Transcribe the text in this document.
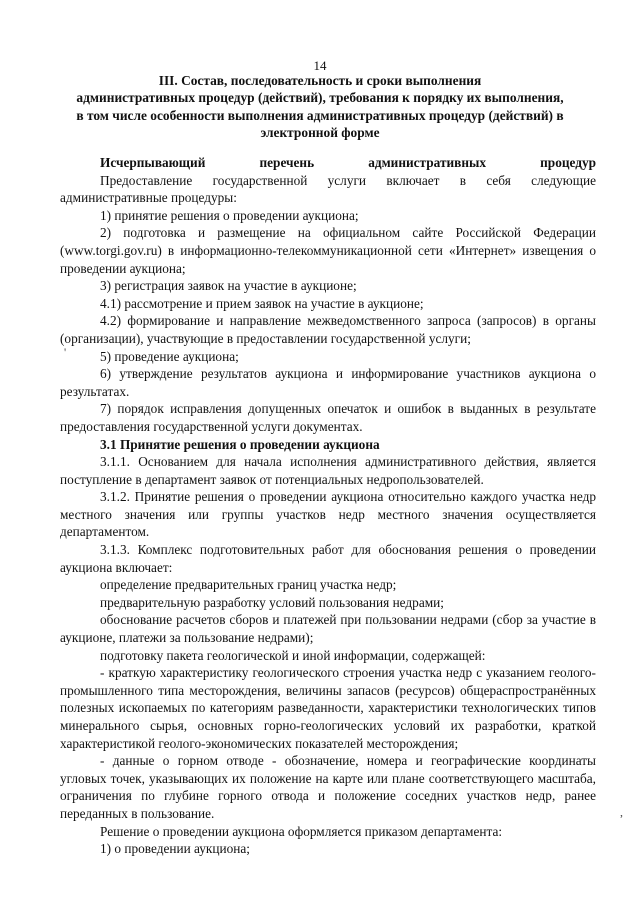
14
III. Состав, последовательность и сроки выполнения
административных процедур (действий), требования к порядку их выполнения,
в том числе особенности выполнения административных процедур (действий) в
электронной форме

Исчерпывающий перечень административных процедур

Предоставление государственной услуги включает в себя следующие административные процедуры:

1) принятие решения о проведении аукциона;

2) подготовка и размещение на официальном сайте Российской Федерации (www.torgi.gov.ru) в информационно-телекоммуникационной сети «Интернет» извещения о проведении аукциона;

3) регистрация заявок на участие в аукционе;

4.1) рассмотрение и прием заявок на участие в аукционе;

4.2) формирование и направление межведомственного запроса (запросов) в органы (организации), участвующие в предоставлении государственной услуги;

5) проведение аукциона;

6) утверждение результатов аукциона и информирование участников аукциона о результатах.

7) порядок исправления допущенных опечаток и ошибок в выданных в результате предоставления государственной услуги документах.

3.1 Принятие решения о проведении аукциона

3.1.1. Основанием для начала исполнения административного действия, является поступление в департамент заявок от потенциальных недропользователей.

3.1.2. Принятие решения о проведении аукциона относительно каждого участка недр местного значения или группы участков недр местного значения осуществляется департаментом.

3.1.3. Комплекс подготовительных работ для обоснования решения о проведении аукциона включает:

определение предварительных границ участка недр;

предварительную разработку условий пользования недрами;

обоснование расчетов сборов и платежей при пользовании недрами (сбор за участие в аукционе, платежи за пользование недрами);

подготовку пакета геологической и иной информации, содержащей:

- краткую характеристику геологического строения участка недр с указанием геолого-промышленного типа месторождения, величины запасов (ресурсов) общераспространённых полезных ископаемых по категориям разведанности, характеристики технологических типов минерального сырья, основных горно-геологических условий их разработки, краткой характеристикой геолого-экономических показателей месторождения;

- данные о горном отводе - обозначение, номера и географические координаты угловых точек, указывающих их положение на карте или плане соответствующего масштаба, ограничения по глубине горного отвода и положение соседних участков недр, ранее переданных в пользование.

Решение о проведении аукциона оформляется приказом департамента:

1) о проведении аукциона;

'
,
